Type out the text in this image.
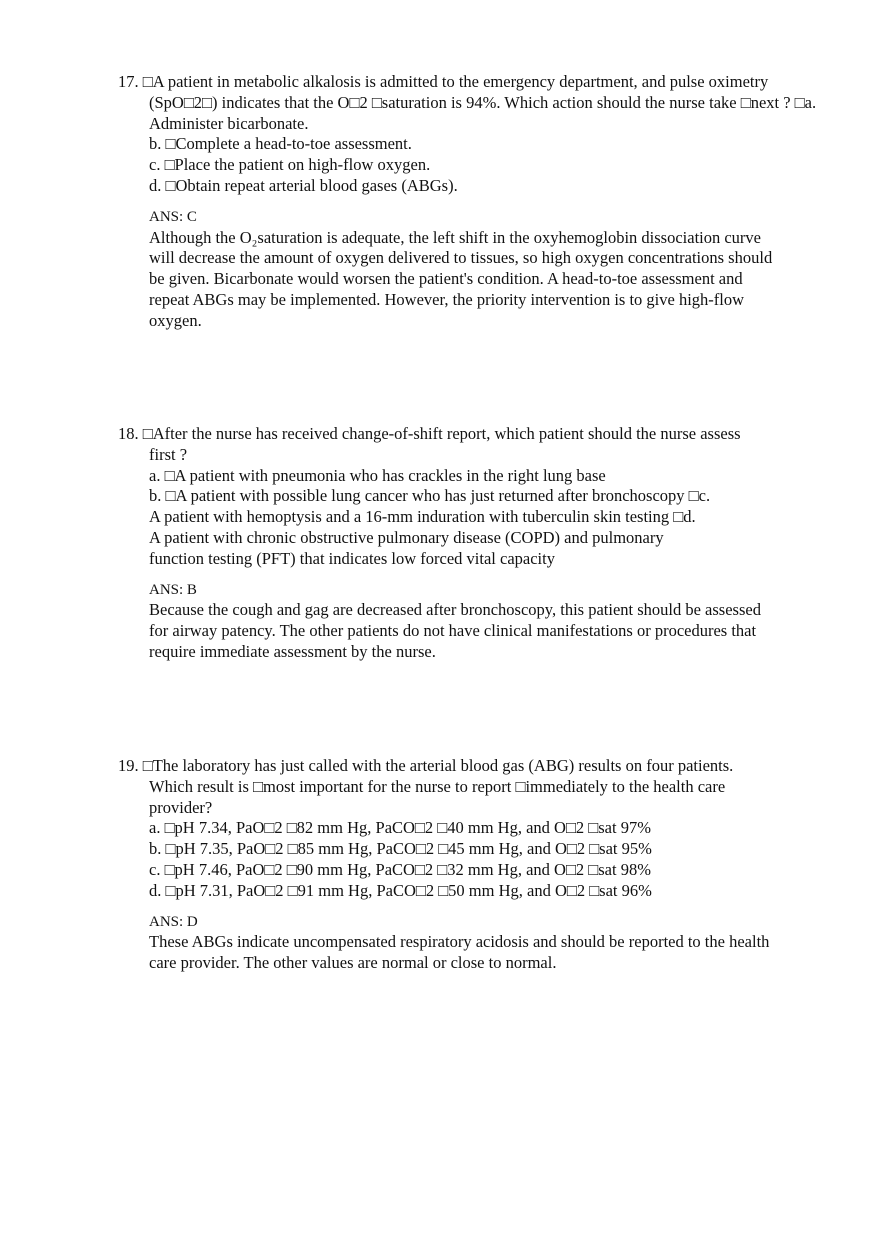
17. □A patient in metabolic alkalosis is admitted to the emergency department, and pulse oximetry
(SpO□2□) indicates that the O□2 □saturation is 94%. Which action should the nurse take □next ? □a.
Administer bicarbonate.
b. □Complete a head-to-toe assessment.
c. □Place the patient on high-flow oxygen.
d. □Obtain repeat arterial blood gases (ABGs).
ANS: C
Although the O₂saturation is adequate, the left shift in the oxyhemoglobin dissociation curve
will decrease the amount of oxygen delivered to tissues, so high oxygen concentrations should
be given. Bicarbonate would worsen the patient's condition. A head-to-toe assessment and
repeat ABGs may be implemented. However, the priority intervention is to give high-flow
oxygen.
18. □After the nurse has received change-of-shift report, which patient should the nurse assess
first ?
a. □A patient with pneumonia who has crackles in the right lung base
b. □A patient with possible lung cancer who has just returned after bronchoscopy □c.
A patient with hemoptysis and a 16-mm induration with tuberculin skin testing □d.
A patient with chronic obstructive pulmonary disease (COPD) and pulmonary
function testing (PFT) that indicates low forced vital capacity
ANS: B
Because the cough and gag are decreased after bronchoscopy, this patient should be assessed
for airway patency. The other patients do not have clinical manifestations or procedures that
require immediate assessment by the nurse.
19. □The laboratory has just called with the arterial blood gas (ABG) results on four patients.
Which result is □most important for the nurse to report □immediately to the health care
provider?
a. □pH 7.34, PaO□2 □82 mm Hg, PaCO□2 □40 mm Hg, and O□2 □sat 97%
b. □pH 7.35, PaO□2 □85 mm Hg, PaCO□2 □45 mm Hg, and O□2 □sat 95%
c. □pH 7.46, PaO□2 □90 mm Hg, PaCO□2 □32 mm Hg, and O□2 □sat 98%
d. □pH 7.31, PaO□2 □91 mm Hg, PaCO□2 □50 mm Hg, and O□2 □sat 96%
ANS: D
These ABGs indicate uncompensated respiratory acidosis and should be reported to the health
care provider. The other values are normal or close to normal.
